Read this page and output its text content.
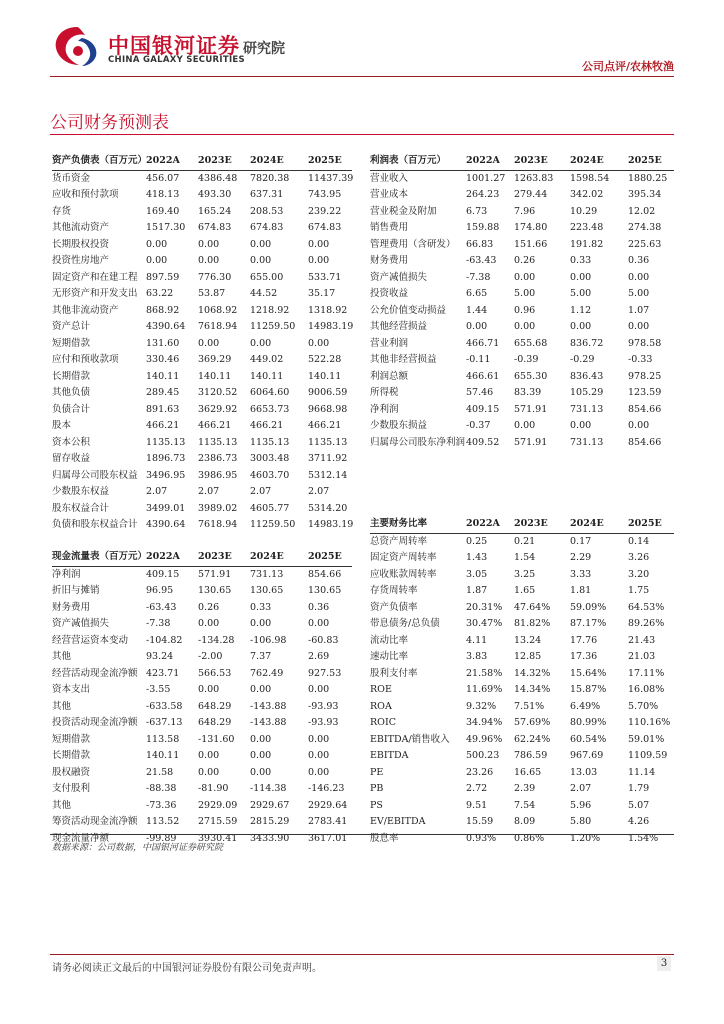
中国银河证券
CHINA GALAXY SECURITIES
研究院
公司点评/农林牧渔
公司财务预测表
资产负债表（百万元）
2022A 2023E 2024E	2025E
货币资金	456.07 4386.48 7820.38 11437.39
应收和预付款项	418.13 493.30 637.31	743.95
存货	169.40 165.24 208.53	239.22
其他流动资产	1517.30 674.83 674.83	674.83
长期股权投资	0.00	0.00	0.00	0.00
投资性房地产	0.00	0.00	0.00	0.00
固定资产和在建工程 897.59 776.30 655.00	533.71
无形资产和开发支出 63.22	53.87	44.52	35.17
其他非流动资产	868.92 1068.92 1218.92 1318.92
资产总计	4390.64 7618.94 11259.50 14983.19
短期借款	131.60 0.00	0.00	0.00
应付和预收款项	330.46 369.29 449.02	522.28
长期借款	140.11 140.11 140.11	140.11
其他负债	289.45 3120.52 6064.60 9006.59
负债合计	891.63 3629.92 6653.73 9668.98
股本	466.21 466.21 466.21	466.21
资本公积	1135.13 1135.13 1135.13 1135.13
留存收益	1896.73 2386.73 3003.48 3711.92
归属母公司股东权益 3496.95 3986.95 4603.70 5312.14
少数股东权益	2.07	2.07	2.07	2.07
股东权益合计	3499.01 3989.02 4605.77 5314.20
负债和股东权益合计 4390.64 7618.94 11259.50 14983.19
利润表（百万元） 2022A 2023E 2024E	2025E
营业收入	1001.27 1263.83 1598.54 1880.25
营业成本	264.23 279.44 342.02	395.34
营业税金及附加	6.73	7.96	10.29	12.02
销售费用	159.88 174.80 223.48	274.38
管理费用（含研发） 66.83 151.66 191.82	225.63
财务费用	-63.43 0.26	0.33	0.36
资产减值损失	-7.38 0.00	0.00	0.00
投资收益	6.65	5.00	5.00	5.00
公允价值变动损益 1.44	0.96	1.12	1.07
其他经营损益	0.00	0.00	0.00	0.00
营业利润	466.71 655.68 836.72	978.58
其他非经营损益	-0.11 -0.39	-0.29	-0.33
利润总额	466.61 655.30 836.43	978.25
所得税	57.46 83.39	105.29	123.59
净利润	409.15 571.91 731.13	854.66
少数股东损益	-0.37 0.00	0.00	0.00
归属母公司股东净利润 409.52 571.91 731.13	854.66
现金流量表（百万元）
2022A 2023E 2024E	2025E
净利润	409.15 571.91 731.13	854.66
折旧与摊销	96.95	130.65 130.65	130.65
财务费用	-63.43 0.26	0.33	0.36
资产减值损失	-7.38	0.00	0.00	0.00
经营营运资本变动 -104.82 -134.28 -106.98 -60.83
其他	93.24	-2.00	7.37	2.69
经营活动现金流净额 423.71 566.53 762.49	927.53
资本支出	-3.55	0.00	0.00	0.00
其他	-633.58 648.29 -143.88 -93.93
投资活动现金流净额 -637.13 648.29 -143.88 -93.93
短期借款	113.58 -131.60 0.00	0.00
长期借款	140.11 0.00	0.00	0.00
股权融资	21.58	0.00	0.00	0.00
支付股利	-88.38 -81.90 -114.38 -146.23
其他	-73.36 2929.09 2929.67 2929.64
筹资活动现金流净额 113.52 2715.59 2815.29 2783.41
现金流量净额	-99.89 3930.41 3433.90 3617.01
主要财务比率	2022A 2023E 2024E	2025E
总资产周转率	0.25	0.21	0.17	0.14
固定资产周转率	1.43	1.54	2.29	3.26
应收账款周转率	3.05	3.25	3.33	3.20
存货周转率	1.87	1.65	1.81	1.75
资产负债率	20.31% 47.64% 59.09% 64.53%
带息债务/总负债	30.47% 81.82% 87.17% 89.26%
流动比率	4.11	13.24	17.76	21.43
速动比率	3.83	12.85	17.36	21.03
股利支付率	21.58% 14.32% 15.64% 17.11%
ROE	11.69% 14.34% 15.87% 16.08%
ROA	9.32% 7.51%	6.49%	5.70%
ROIC	34.94% 57.69% 80.99% 110.16%
EBITDA/销售收入 49.96% 62.24% 60.54% 59.01%
EBITDA	500.23 786.59 967.69	1109.59
PE	23.26 16.65	13.03	11.14
PB	2.72	2.39	2.07	1.79
PS	9.51	7.54	5.96	5.07
EV/EBITDA	15.59 8.09	5.80	4.26
股息率	0.93% 0.86%	1.20%	1.54%
数据来源：公司数据，中国银河证券研究院
请务必阅读正文最后的中国银河证券股份有限公司免责声明。	3
